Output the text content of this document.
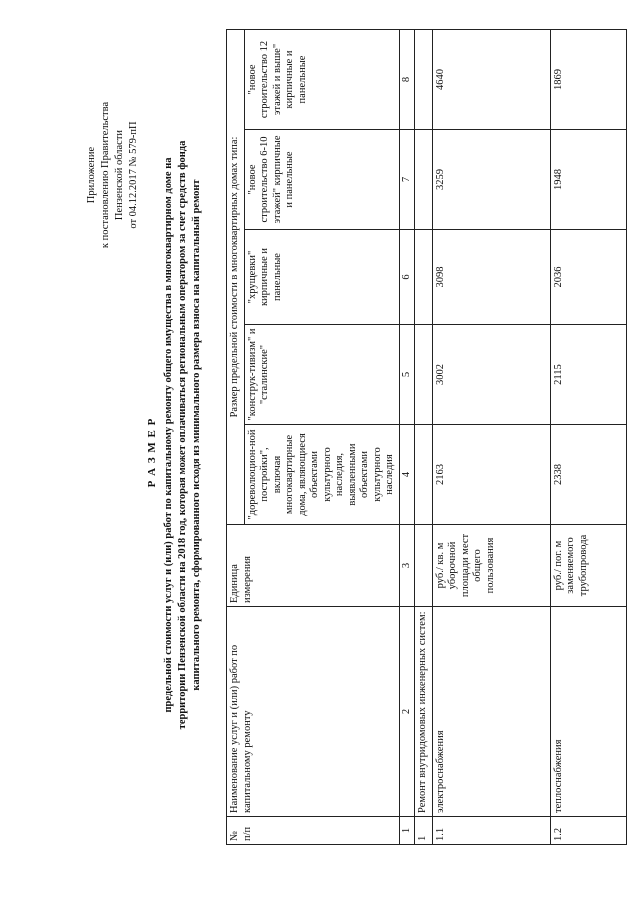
Приложение к постановлению Правительства Пензенской области от 04.12.2017 № 579-пП
Р А З М Е Р предельной стоимости услуг и (или) работ по капитальному ремонту общего имущества в многоквартирном доме на территории Пензенской области на 2018 год, которая может оплачиваться региональным оператором за счет средств фонда капитального ремонта, сформированного исходя из минимального размера взноса на капитальный ремонт
№ п/п	Наименование услуг и (или) работ по капитальному ремонту	Единица измерения	Размер предельной стоимости в многоквартирных домах типа:				
			"дореволюцион-ной постройки", включая многоквартирные дома, являющиеся объектами культурного наследия, выявленными объектами культурного наследия	"конструк-тивизм" и "сталинские"	"хрущевки" кирпичные и панельные	"новое строительство 6-10 этажей" кирпичные и панельные	"новое строительство 12 этажей и выше" кирпичные и панельные
1	2	3	4	5	6	7	8
1	Ремонт внутридомовых инженерных систем:						
1.1	электроснабжения	руб./ кв. м уборочной площади мест общего пользования	2163	3002	3098	3259	4640
1.2	теплоснабжения	руб./ пог. м заменяемого трубопровода	2338	2115	2036	1948	1869
